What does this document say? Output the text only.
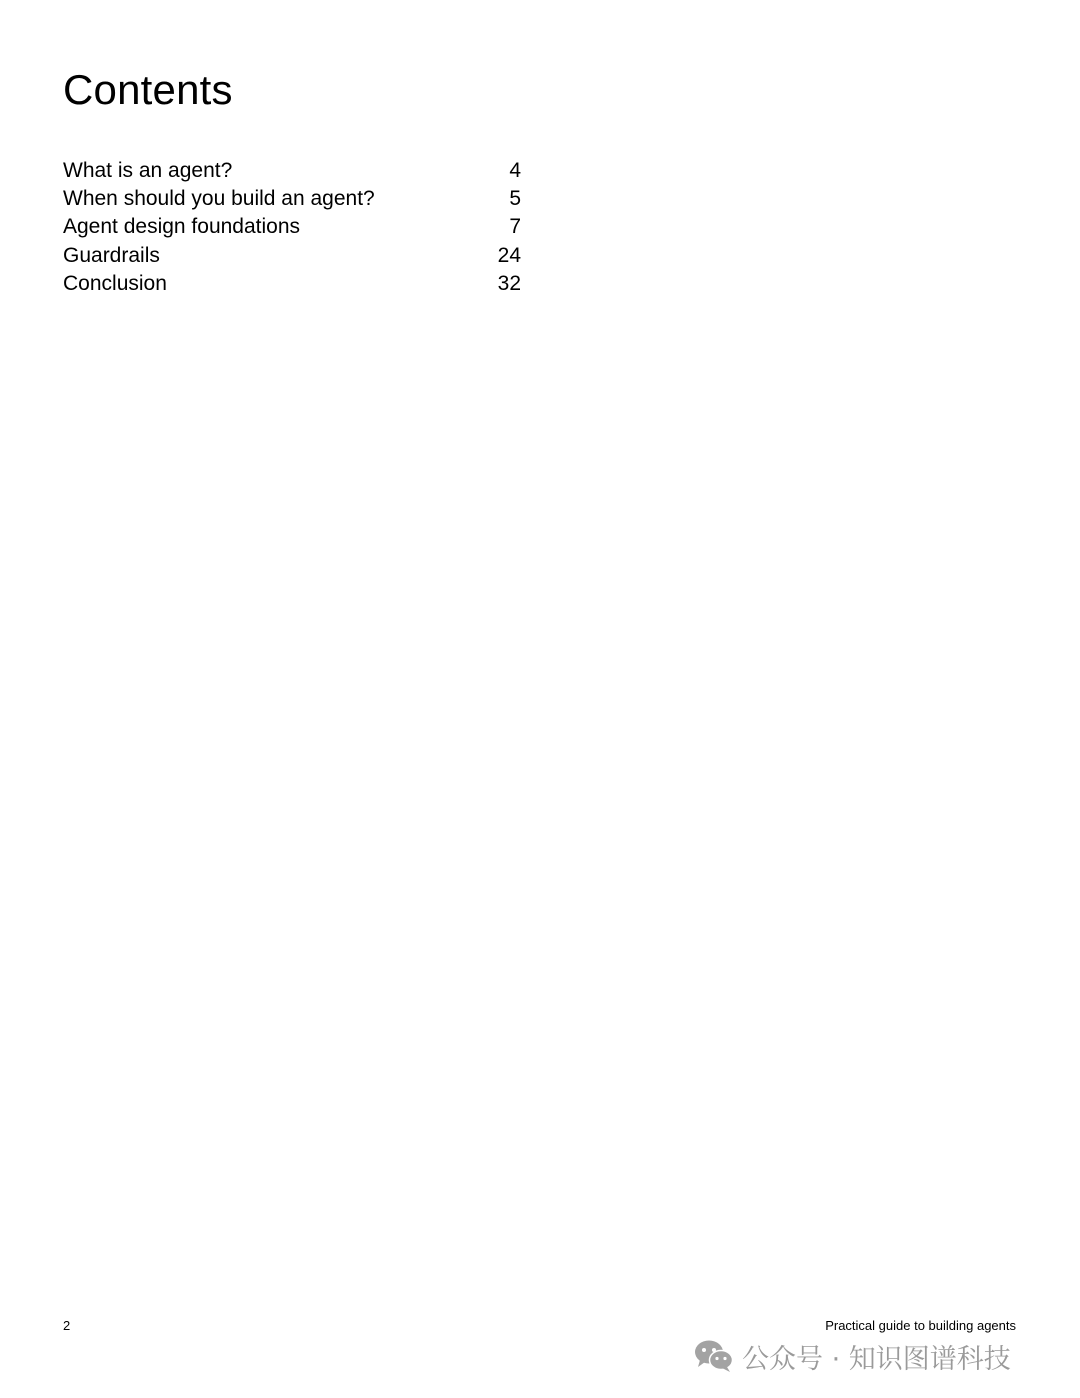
Contents
What is an agent?	4
When should you build an agent?	5
Agent design foundations	7
Guardrails	24
Conclusion	32
2	Practical guide to building agents
公众号 · 知识图谱科技
